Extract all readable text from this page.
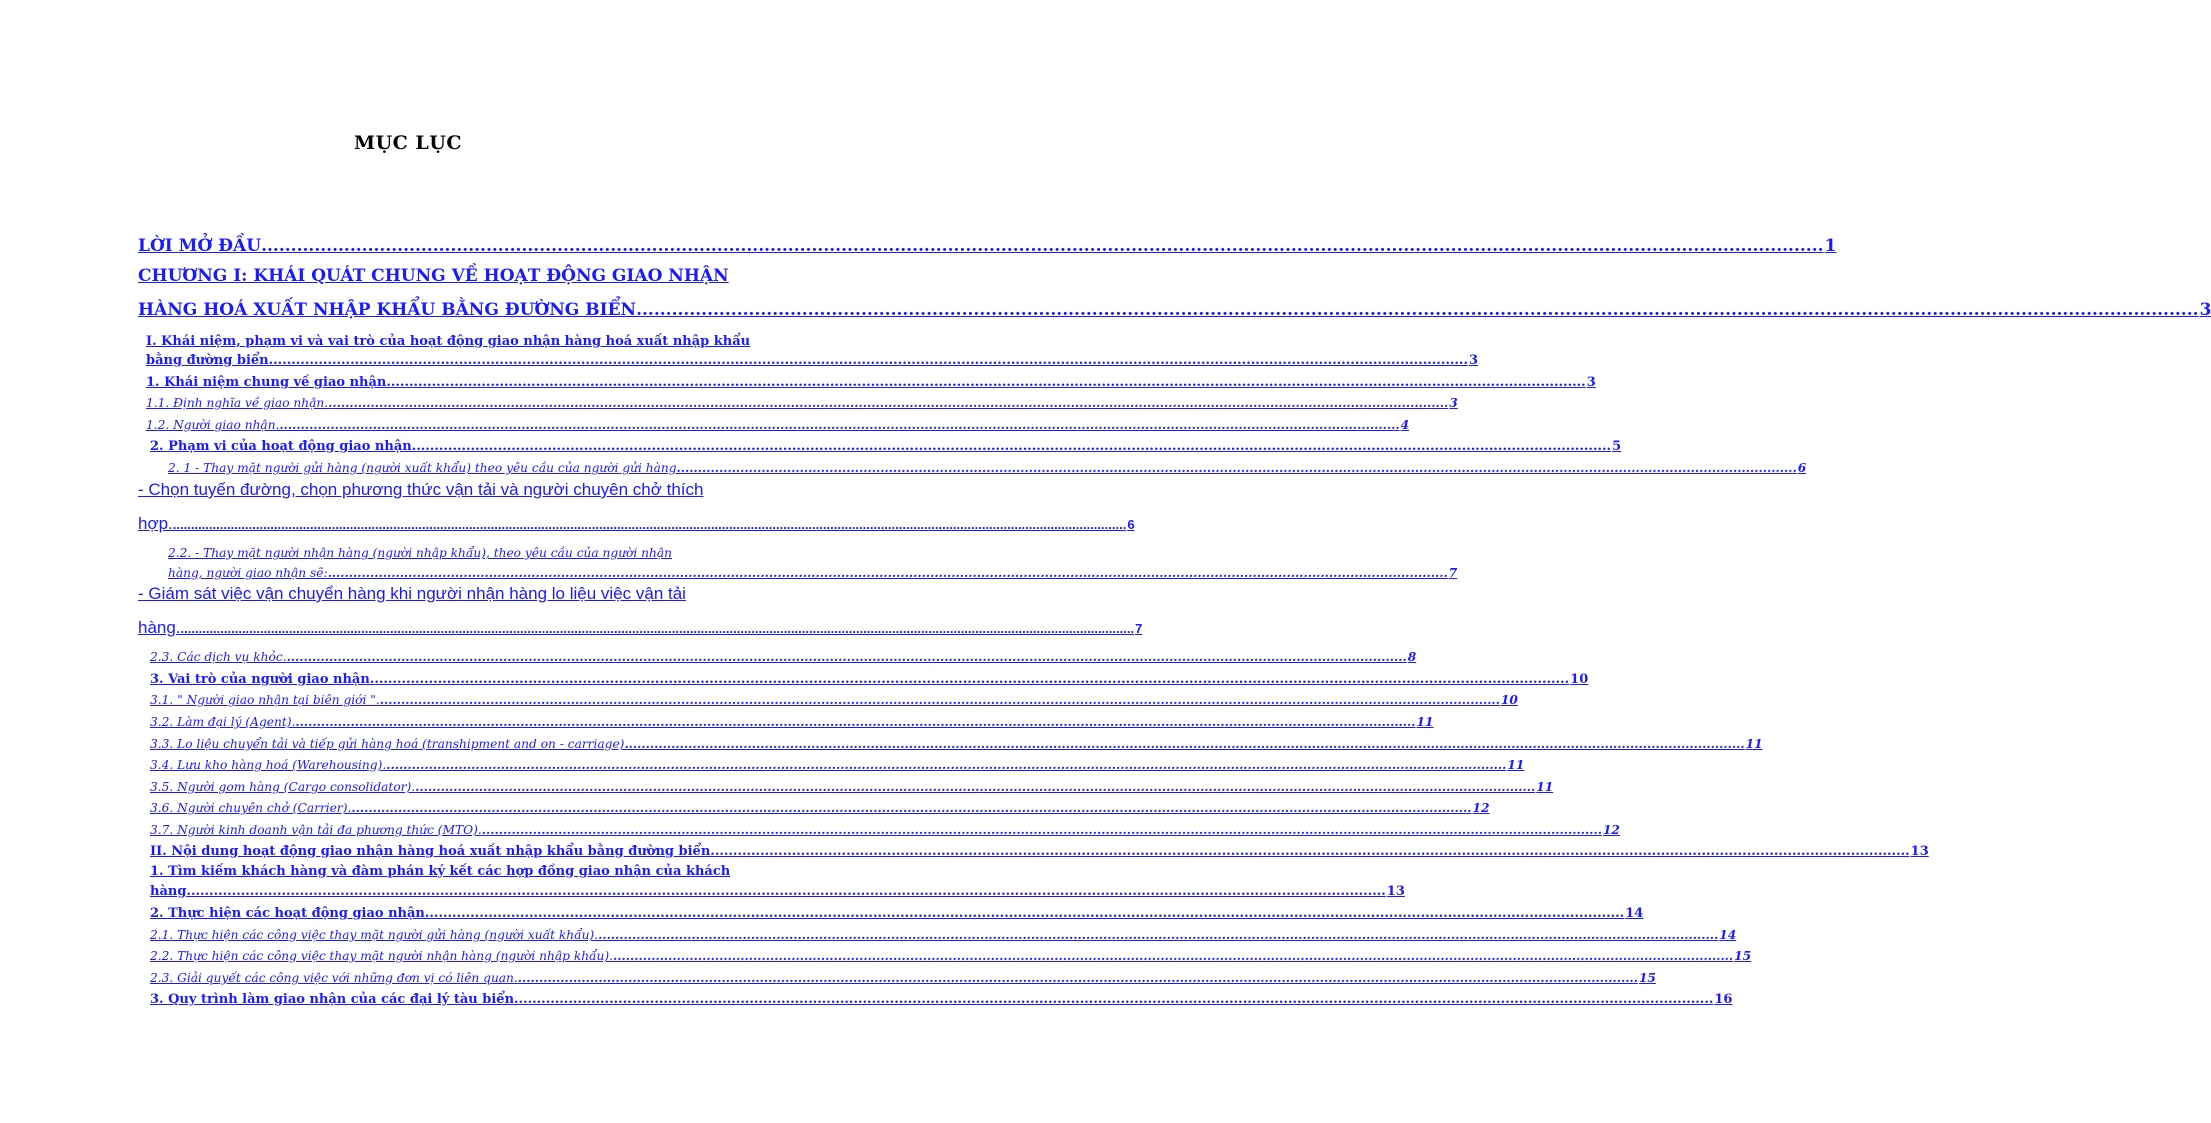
MỤC LỤC
LỜI MỞ ĐẦU .....	1
CHƯƠNG I: KHÁI QUÁT CHUNG VỀ HOẠT ĐỘNG GIAO NHẬN
HÀNG HOÁ XUẤT NHẬP KHẨU BẰNG ĐƯỜNG BIỂN .....	3
I. Khái niệm, phạm vi và vai trò của hoạt động giao nhận hàng hoá xuất nhập khẩu
bằng đường biển. .....	3
1. Khái niệm chung về giao nhận. .....	3
1.1. Định nghĩa về giao nhận. .....	3
1.2. Người giao nhận. .....	4
2. Phạm vi của hoạt động giao nhận. .....	5
2. 1 - Thay mặt người gửi hàng (người xuất khẩu) theo yêu cầu của người gửi hàng .....	6
- Chọn tuyến đường, chọn phương thức vận tải và người chuyên chở thích
hợp. .....	6
2.2. - Thay mặt người nhận hàng (người nhập khẩu), theo yêu cầu của người nhận
hàng, người giao nhận sẽ: .....	7
- Giám sát việc vận chuyển hàng khi người nhận hàng lo liệu việc vận tải
hàng. .....	7
2.3. Các dịch vụ khỏc. .....	8
3. Vai trò của người giao nhận. .....	10
3.1. " Người giao nhận tại biên giới ". .....	10
3.2. Làm đại lý (Agent). .....	11
3.3. Lo liệu chuyển tải và tiếp gửi hàng hoá (transhipment and on - carriage) .....	11
3.4. Lưu kho hàng hoá (Warehousing). .....	11
3.5. Người gom hàng (Cargo consolidator). .....	11
3.6. Người chuyên chở (Carrier). .....	12
3.7. Người kinh doanh vận tải đa phương thức (MTO). .....	12
II. Nội dung hoạt động giao nhận hàng hoá xuất nhập khẩu bằng đường biển. .....	13
1. Tìm kiếm khách hàng và đàm phán ký kết các hợp đồng giao nhận của khách
hàng. .....	13
2. Thực hiện các hoạt động giao nhận. .....	14
2.1. Thực hiện các công việc thay mặt người gửi hàng (người xuất khẩu). .....	14
2.2. Thực hiện các công việc thay mặt người nhận hàng (người nhập khẩu). .....	15
2.3. Giải quyết các công việc với những đơn vị có liên quan. .....	15
3. Quy trình làm giao nhận của các đại lý tàu biển. .....	16
